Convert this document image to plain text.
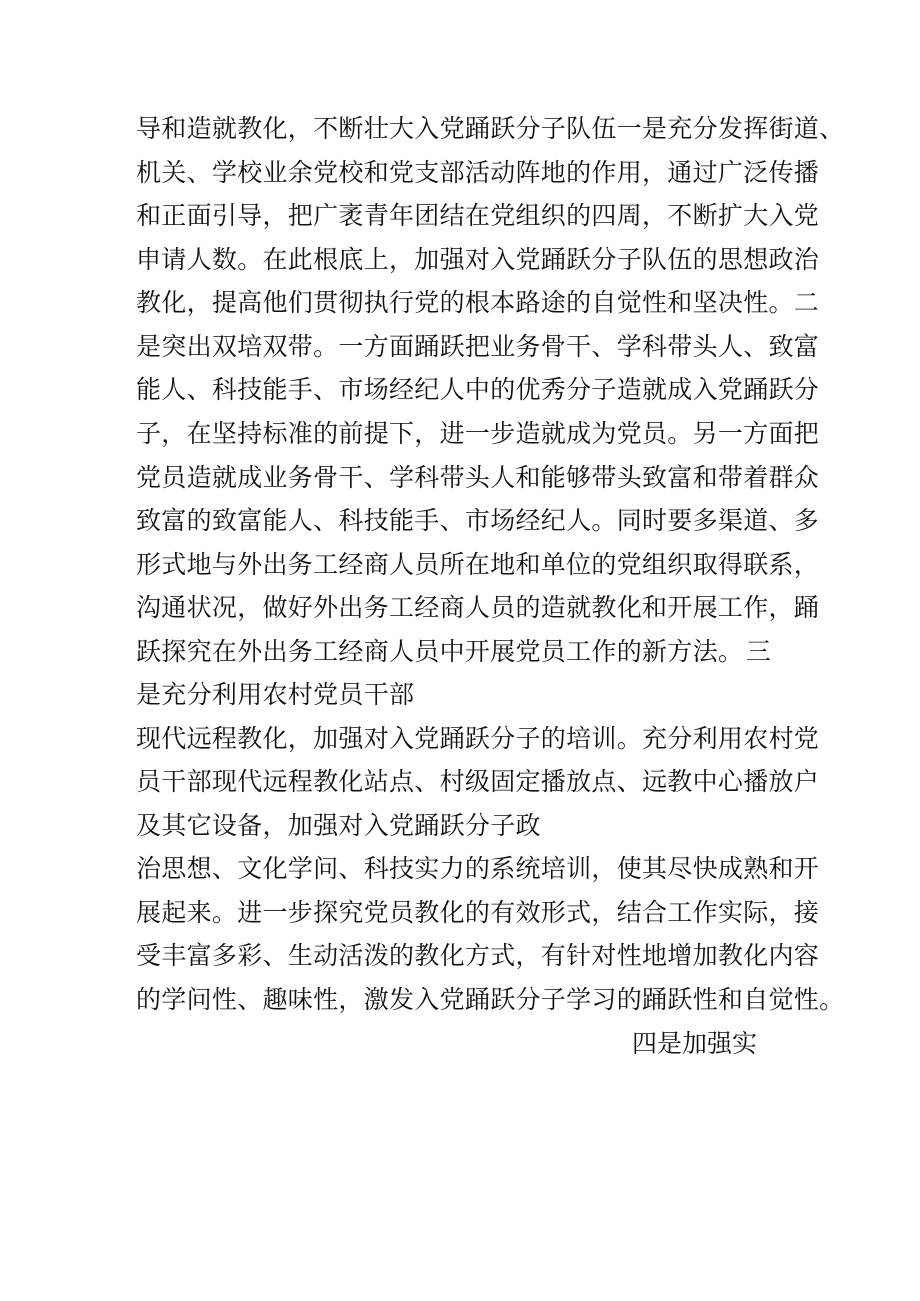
导和造就教化，不断壮大入党踊跃分子队伍一是充分发挥街道、
机关、学校业余党校和党支部活动阵地的作用，通过广泛传播
和正面引导，把广袤青年团结在党组织的四周，不断扩大入党
申请人数。在此根底上，加强对入党踊跃分子队伍的思想政治
教化，提高他们贯彻执行党的根本路途的自觉性和坚决性。二
是突出双培双带。一方面踊跃把业务骨干、学科带头人、致富
能人、科技能手、市场经纪人中的优秀分子造就成入党踊跃分
子，在坚持标准的前提下，进一步造就成为党员。另一方面把
党员造就成业务骨干、学科带头人和能够带头致富和带着群众
致富的致富能人、科技能手、市场经纪人。同时要多渠道、多
形式地与外出务工经商人员所在地和单位的党组织取得联系，
沟通状况，做好外出务工经商人员的造就教化和开展工作，踊
跃探究在外出务工经商人员中开展党员工作的新方法。 三
是充分利用农村党员干部
现代远程教化，加强对入党踊跃分子的培训。充分利用农村党
员干部现代远程教化站点、村级固定播放点、远教中心播放户
及其它设备，加强对入党踊跃分子政
治思想、文化学问、科技实力的系统培训，使其尽快成熟和开
展起来。进一步探究党员教化的有效形式，结合工作实际，接
受丰富多彩、生动活泼的教化方式，有针对性地增加教化内容
的学问性、趣味性，激发入党踊跃分子学习的踊跃性和自觉性。
四是加强实
